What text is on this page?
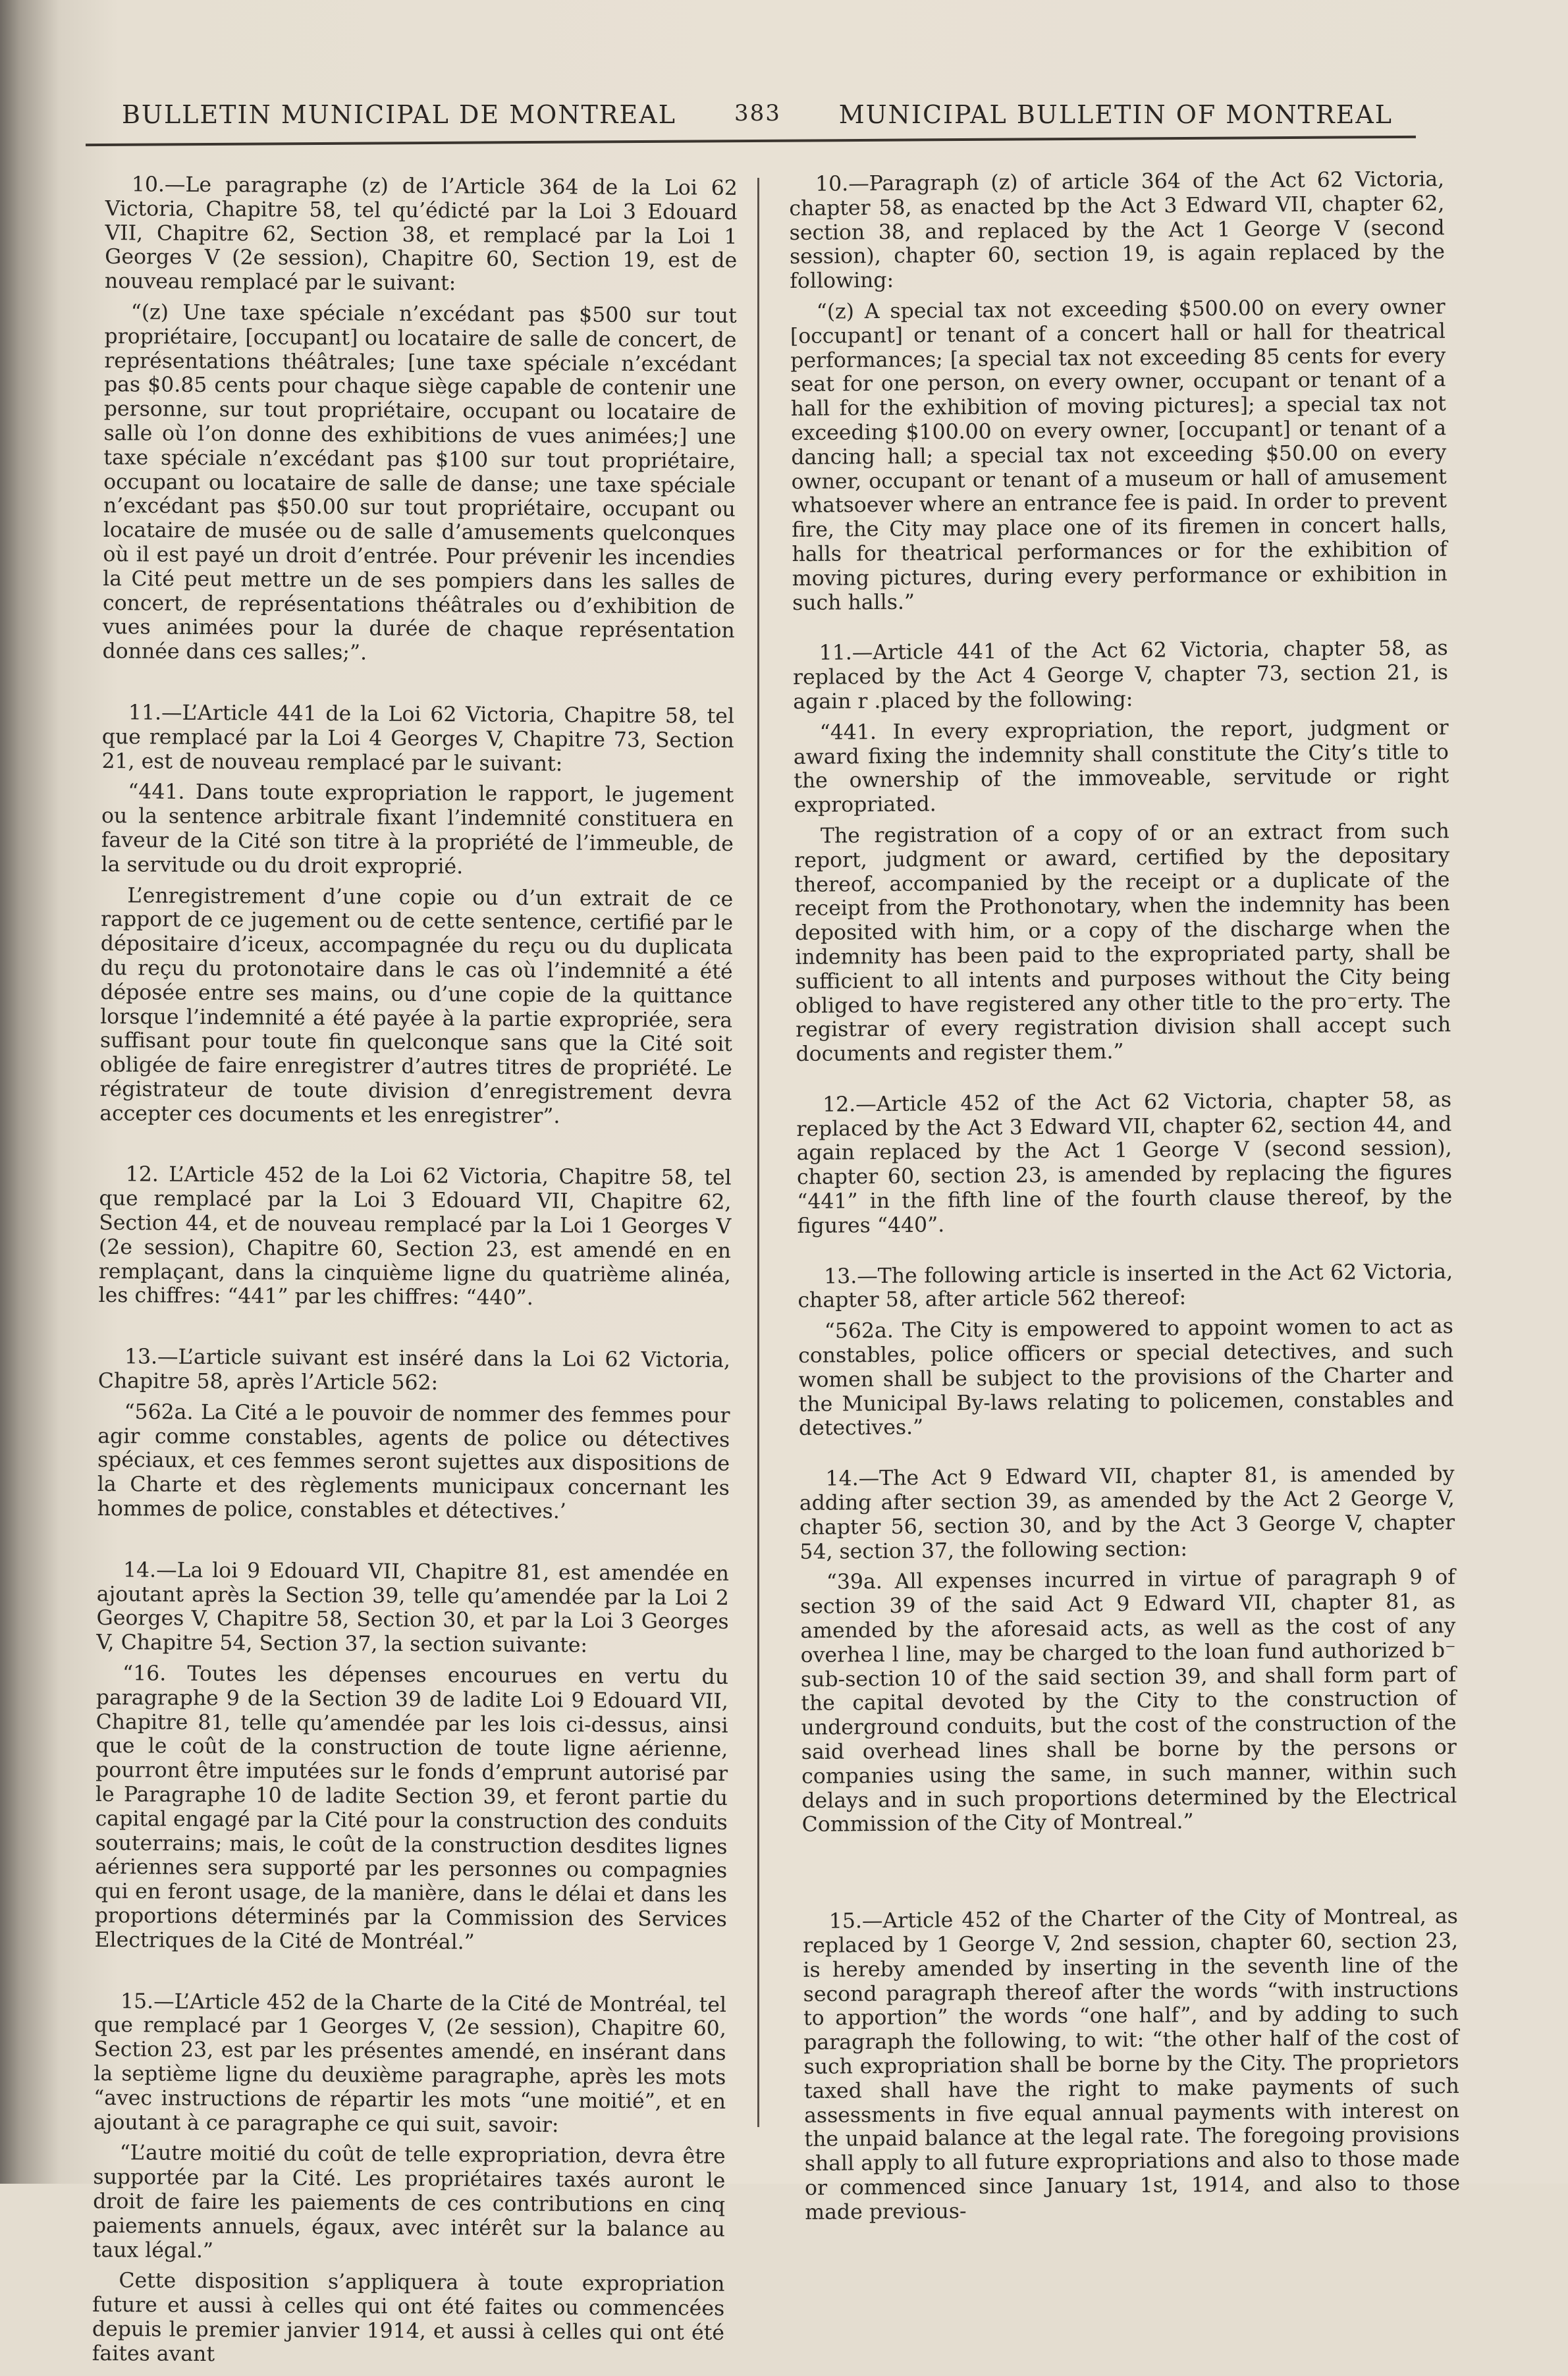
BULLETIN MUNICIPAL DE MONTREAL	383 MUNICIPAL BULLETIN OF MONTREAL

10.—Le paragraphe (z) de l’Article 364 de la Loi 62 Victoria, Chapitre 58, tel qu’édicté par la Loi 3 Edouard VII, Chapitre 62, Section 38, et remplacé par la Loi 1 Georges V (2e session), Chapitre 60, Section 19, est de nouveau remplacé par le suivant:

“(z) Une taxe spéciale n’excédant pas $500 sur tout propriétaire, [occupant] ou locataire de salle de concert, de représentations théâtrales; [une taxe spéciale n’excédant pas $0.85 cents pour chaque siège capable de contenir une personne, sur tout propriétaire, occupant ou locataire de salle où l’on donne des exhibitions de vues animées;] une taxe spéciale n’excédant pas $100 sur tout propriétaire, occupant ou locataire de salle de danse; une taxe spéciale n’excédant pas $50.00 sur tout propriétaire, occupant ou locataire de musée ou de salle d’amusements quelconques où il est payé un droit d’entrée. Pour prévenir les incendies la Cité peut mettre un de ses pompiers dans les salles de concert, de représentations théâtrales ou d’exhibition de vues animées pour la durée de chaque représentation donnée dans ces salles;”.

11.—L’Article 441 de la Loi 62 Victoria, Chapitre 58, tel que remplacé par la Loi 4 Georges V, Chapitre 73, Section 21, est de nouveau remplacé par le suivant:

“441. Dans toute expropriation le rapport, le jugement ou la sentence arbitrale fixant l’indemnité constituera en faveur de la Cité son titre à la propriété de l’immeuble, de la servitude ou du droit exproprié.

L’enregistrement d’une copie ou d’un extrait de ce rapport de ce jugement ou de cette sentence, certifié par le dépositaire d’iceux, accompagnée du reçu ou du duplicata du reçu du protonotaire dans le cas où l’indemnité a été déposée entre ses mains, ou d’une copie de la quittance lorsque l’indemnité a été payée à la partie expropriée, sera suffisant pour toute fin quelconque sans que la Cité soit obligée de faire enregistrer d’autres titres de propriété. Le régistrateur de toute division d’enregistrement devra accepter ces documents et les enregistrer”.

12. L’Article 452 de la Loi 62 Victoria, Chapitre 58, tel que remplacé par la Loi 3 Edouard VII, Chapitre 62, Section 44, et de nouveau remplacé par la Loi 1 Georges V (2e session), Chapitre 60, Section 23, est amendé en en remplaçant, dans la cinquième ligne du quatrième alinéa, les chiffres: “441” par les chiffres: “440”.

13.—L’article suivant est inséré dans la Loi 62 Victoria, Chapitre 58, après l’Article 562:

“562a. La Cité a le pouvoir de nommer des femmes pour agir comme constables, agents de police ou détectives spéciaux, et ces femmes seront sujettes aux dispositions de la Charte et des règlements municipaux concernant les hommes de police, constables et détectives.’

14.—La loi 9 Edouard VII, Chapitre 81, est amendée en ajoutant après la Section 39, telle qu’amendée par la Loi 2 Georges V, Chapitre 58, Section 30, et par la Loi 3 Georges V, Chapitre 54, Section 37, la section suivante:

“16. Toutes les dépenses encourues en vertu du paragraphe 9 de la Section 39 de ladite Loi 9 Edouard VII, Chapitre 81, telle qu’amendée par les lois ci-dessus, ainsi que le coût de la construction de toute ligne aérienne, pourront être imputées sur le fonds d’emprunt autorisé par le Paragraphe 10 de ladite Section 39, et feront partie du capital engagé par la Cité pour la construction des conduits souterrains; mais, le coût de la construction desdites lignes aériennes sera supporté par les personnes ou compagnies qui en feront usage, de la manière, dans le délai et dans les proportions déterminés par la Commission des Services Electriques de la Cité de Montréal.”

15.—L’Article 452 de la Charte de la Cité de Montréal, tel que remplacé par 1 Georges V, (2e session), Chapitre 60, Section 23, est par les présentes amendé, en insérant dans la septième ligne du deuxième paragraphe, après les mots “avec instructions de répartir les mots “une moitié”, et en ajoutant à ce paragraphe ce qui suit, savoir:

“L’autre moitié du coût de telle expropriation, devra être supportée par la Cité. Les propriétaires taxés auront le droit de faire les paiements de ces contributions en cinq paiements annuels, égaux, avec intérêt sur la balance au taux légal.”

Cette disposition s’appliquera à toute expropriation future et aussi à celles qui ont été faites ou commencées depuis le premier janvier 1914, et aussi à celles qui ont été faites avant

10.—Paragraph (z) of article 364 of the Act 62 Victoria, chapter 58, as enacted bp the Act 3 Edward VII, chapter 62, section 38, and replaced by the Act 1 George V (second session), chapter 60, section 19, is again replaced by the following:

“(z) A special tax not exceeding $500.00 on every owner [occupant] or tenant of a concert hall or hall for theatrical performances; [a special tax not exceeding 85 cents for every seat for one person, on every owner, occupant or tenant of a hall for the exhibition of moving pictures]; a special tax not exceeding $100.00 on every owner, [occupant] or tenant of a dancing hall; a special tax not exceeding $50.00 on every owner, occupant or tenant of a museum or hall of amusement whatsoever where an entrance fee is paid. In order to prevent fire, the City may place one of its firemen in concert halls, halls for theatrical performances or for the exhibition of moving pictures, during every performance or exhibition in such halls.”

11.—Article 441 of the Act 62 Victoria, chapter 58, as replaced by the Act 4 George V, chapter 73, section 21, is again r .placed by the following:

“441. In every expropriation, the report, judgment or award fixing the indemnity shall constitute the City’s title to the ownership of the immoveable, servitude or right expropriated.

The registration of a copy of or an extract from such report, judgment or award, certified by the depositary thereof, accompanied by the receipt or a duplicate of the receipt from the Prothonotary, when the indemnity has been deposited with him, or a copy of the discharge when the indemnity has been paid to the expropriated party, shall be sufficient to all intents and purposes without the City being obliged to have registered any other title to the pro⁻erty. The registrar of every registration division shall accept such documents and register them.”

12.—Article 452 of the Act 62 Victoria, chapter 58, as replaced by the Act 3 Edward VII, chapter 62, section 44, and again replaced by the Act 1 George V (second session), chapter 60, section 23, is amended by replacing the figures “441” in the fifth line of the fourth clause thereof, by the figures “440”.

13.—The following article is inserted in the Act 62 Victoria, chapter 58, after article 562 thereof:

“562a. The City is empowered to appoint women to act as constables, police officers or special detectives, and such women shall be subject to the provisions of the Charter and the Municipal By-laws relating to policemen, constables and detectives.”

14.—The Act 9 Edward VII, chapter 81, is amended by adding after section 39, as amended by the Act 2 George V, chapter 56, section 30, and by the Act 3 George V, chapter 54, section 37, the following section:

“39a. All expenses incurred in virtue of paragraph 9 of section 39 of the said Act 9 Edward VII, chapter 81, as amended by the aforesaid acts, as well as the cost of any overhea l line, may be charged to the loan fund authorized b⁻ sub-section 10 of the said section 39, and shall form part of the capital devoted by the City to the construction of underground conduits, but the cost of the construction of the said overhead lines shall be borne by the persons or companies using the same, in such manner, within such delays and in such proportions determined by the Electrical Commission of the City of Montreal.”

15.—Article 452 of the Charter of the City of Montreal, as replaced by 1 George V, 2nd session, chapter 60, section 23, is hereby amended by inserting in the seventh line of the second paragraph thereof after the words “with instructions to apportion” the words “one half”, and by adding to such paragraph the following, to wit: “the other half of the cost of such expropriation shall be borne by the City. The proprietors taxed shall have the right to make payments of such assessments in five equal annual payments with interest on the unpaid balance at the legal rate. The foregoing provisions shall apply to all future expropriations and also to those made or commenced since January 1st, 1914, and also to those made previous-
